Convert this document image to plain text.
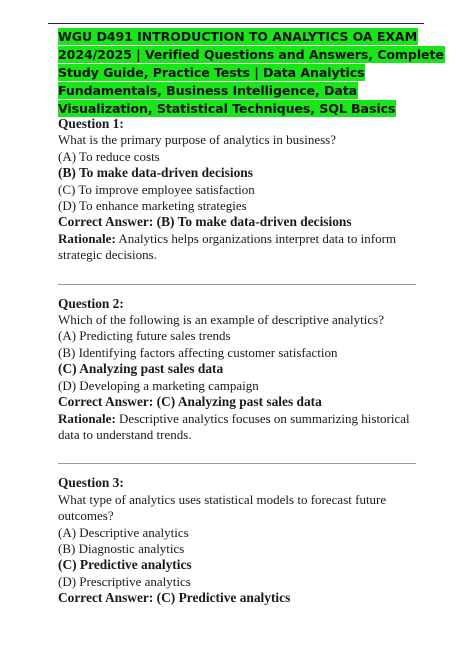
WGU D491 INTRODUCTION TO ANALYTICS OA EXAM
2024/2025 | Verified Questions and Answers, Complete
Study Guide, Practice Tests | Data Analytics
Fundamentals, Business Intelligence, Data
Visualization, Statistical Techniques, SQL Basics
Question 1:
What is the primary purpose of analytics in business?
(A) To reduce costs
(B) To make data-driven decisions
(C) To improve employee satisfaction
(D) To enhance marketing strategies
Correct Answer: (B) To make data-driven decisions
Rationale: Analytics helps organizations interpret data to inform strategic decisions.
Question 2:
Which of the following is an example of descriptive analytics?
(A) Predicting future sales trends
(B) Identifying factors affecting customer satisfaction
(C) Analyzing past sales data
(D) Developing a marketing campaign
Correct Answer: (C) Analyzing past sales data
Rationale: Descriptive analytics focuses on summarizing historical data to understand trends.
Question 3:
What type of analytics uses statistical models to forecast future outcomes?
(A) Descriptive analytics
(B) Diagnostic analytics
(C) Predictive analytics
(D) Prescriptive analytics
Correct Answer: (C) Predictive analytics
